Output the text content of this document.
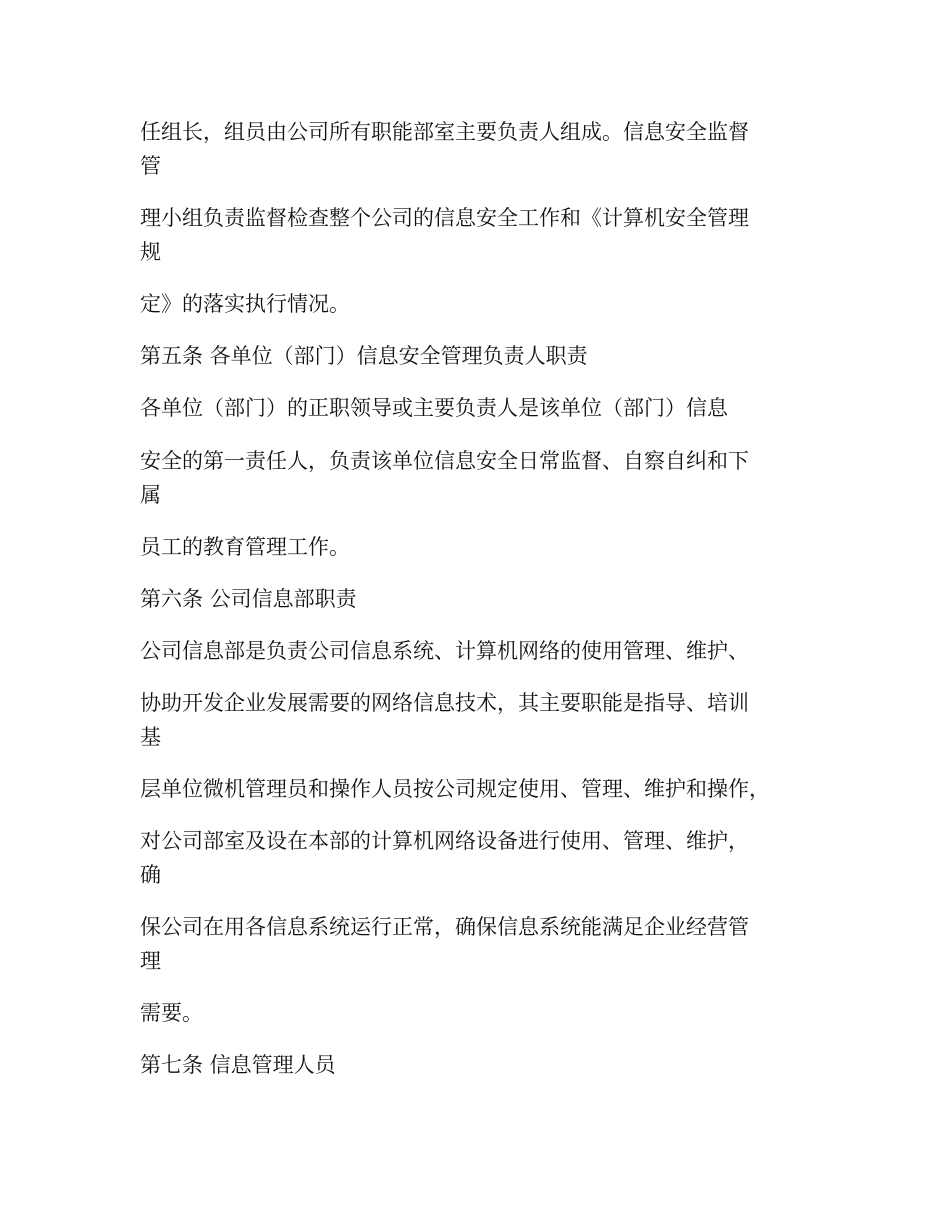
任组长，组员由公司所有职能部室主要负责人组成。信息安全监督

管

理小组负责监督检查整个公司的信息安全工作和《计算机安全管理

规

定》的落实执行情况。

第五条 各单位（部门）信息安全管理负责人职责

各单位（部门）的正职领导或主要负责人是该单位（部门）信息

安全的第一责任人，负责该单位信息安全日常监督、自察自纠和下

属

员工的教育管理工作。

第六条 公司信息部职责

公司信息部是负责公司信息系统、计算机网络的使用管理、维护、

协助开发企业发展需要的网络信息技术，其主要职能是指导、培训

基

层单位微机管理员和操作人员按公司规定使用、管理、维护和操作，

对公司部室及设在本部的计算机网络设备进行使用、管理、维护，

确

保公司在用各信息系统运行正常，确保信息系统能满足企业经营管

理

需要。

第七条 信息管理人员
